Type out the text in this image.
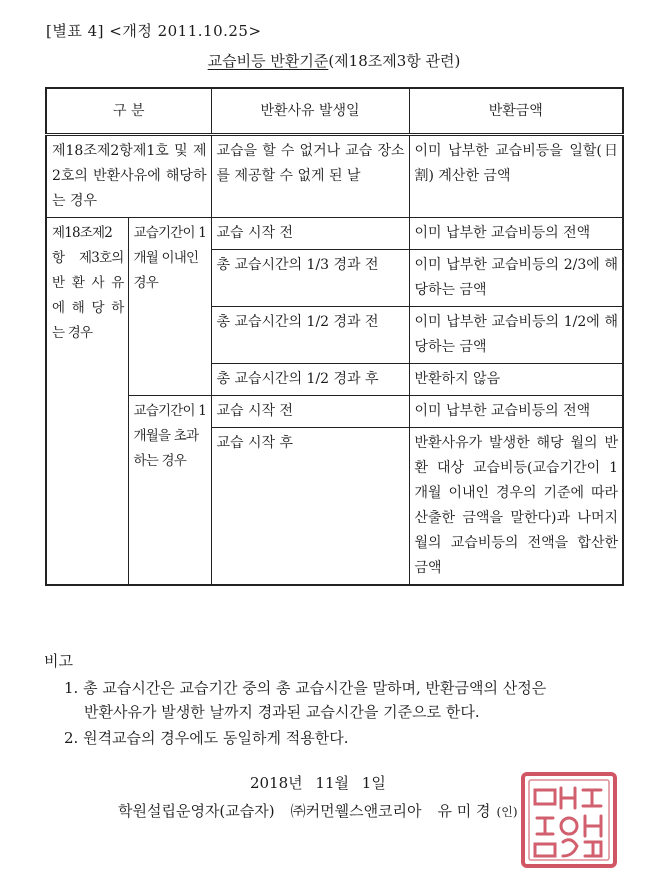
[별표 4] <개정 2011.10.25>
교습비등 반환기준(제18조제3항 관련)
구 분		반환사유 발생일	반환금액
제18조제2항제1호 및 제2호의 반환사유에 해당하는 경우		교습을 할 수 없거나 교습 장소를 제공할 수 없게 된 날	이미 납부한 교습비등을 일할(日割) 계산한 금액
제18조제2항 제3호의 반 환 사 유 에 해 당 하 는 경우	교습기간이 1 개월 이내인 경우	교습 시작 전	이미 납부한 교습비등의 전액
		총 교습시간의 1/3 경과 전	이미 납부한 교습비등의 2/3에 해당하는 금액
		총 교습시간의 1/2 경과 전	이미 납부한 교습비등의 1/2에 해당하는 금액
		총 교습시간의 1/2 경과 후	반환하지 않음
	교습기간이 1 개월을 초과 하는 경우	교습 시작 전	이미 납부한 교습비등의 전액
		교습 시작 후	반환사유가 발생한 해당 월의 반환 대상 교습비등(교습기간이 1개월 이내인 경우의 기준에 따라 산출한 금액을 말한다)과 나머지 월의 교습비등의 전액을 합산한 금액
비고
1. 총 교습시간은 교습기간 중의 총 교습시간을 말하며, 반환금액의 산정은
반환사유가 발생한 날까지 경과된 교습시간을 기준으로 한다.
2. 원격교습의 경우에도 동일하게 적용한다.
2018년 11월 1일
학원설립운영자(교습자) ㈜커먼웰스앤코리아 유 미 경 (인)
